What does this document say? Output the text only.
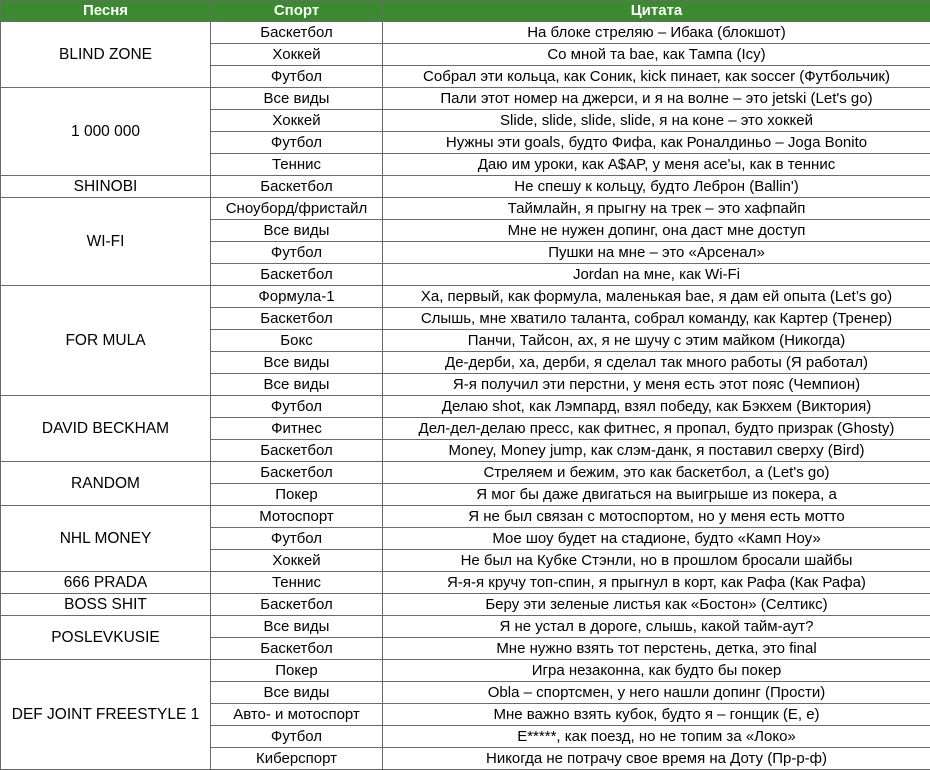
Песня	Спорт	Цитата
BLIND ZONE	Баскетбол	На блоке стреляю – Ибака (блокшот)
	Хоккей	Со мной та bae, как Тампа (Icy)
	Футбол	Собрал эти кольца, как Соник, kick пинает, как soccer (Футбольчик)
1 000 000	Все виды	Пали этот номер на джерси, и я на волне – это jetski (Let's go)
	Хоккей	Slide, slide, slide, slide, я на коне – это хоккей
	Футбол	Нужны эти goals, будто Фифа, как Роналдиньо – Joga Bonito
	Теннис	Даю им уроки, как A$AP, у меня ace'ы, как в теннис
SHINOBI	Баскетбол	Не спешу к кольцу, будто Леброн (Ballin')
WI-FI	Сноуборд/фристайл	Таймлайн, я прыгну на трек – это хафпайп
	Все виды	Мне не нужен допинг, она даст мне доступ
	Футбол	Пушки на мне – это «Арсенал»
	Баскетбол	Jordan на мне, как Wi-Fi
FOR MULA	Формула-1	Ха, первый, как формула, маленькая bae, я дам ей опыта (Let’s go)
	Баскетбол	Слышь, мне хватило таланта, собрал команду, как Картер (Тренер)
	Бокс	Панчи, Тайсон, ах, я не шучу с этим майком (Никогда)
	Все виды	Де-дерби, ха, дерби, я сделал так много работы (Я работал)
	Все виды	Я-я получил эти перстни, у меня есть этот пояс (Чемпион)
DAVID BECKHAM	Футбол	Делаю shot, как Лэмпард, взял победу, как Бэкхем (Виктория)
	Фитнес	Дел-дел-делаю пресс, как фитнес, я пропал, будто призрак (Ghosty)
	Баскетбол	Money, Money jump, как слэм-данк, я поставил сверху (Bird)
RANDOM	Баскетбол	Стреляем и бежим, это как баскетбол, а (Let's go)
	Покер	Я мог бы даже двигаться на выигрыше из покера, а
NHL MONEY	Мотоспорт	Я не был связан с мотоспортом, но у меня есть мотто
	Футбол	Мое шоу будет на стадионе, будто «Камп Ноу»
	Хоккей	Не был на Кубке Стэнли, но в прошлом бросали шайбы
666 PRADA	Теннис	Я-я-я кручу топ-спин, я прыгнул в корт, как Рафа (Как Рафа)
BOSS SHIT	Баскетбол	Беру эти зеленые листья как «Бостон» (Селтикс)
POSLEVKUSIE	Все виды	Я не устал в дороге, слышь, какой тайм-аут?
	Баскетбол	Мне нужно взять тот перстень, детка, это final
DEF JOINT FREESTYLE 1	Покер	Игра незаконна, как будто бы покер
	Все виды	Obla – спортсмен, у него нашли допинг (Прости)
	Авто- и мотоспорт	Мне важно взять кубок, будто я – гонщик (Е, е)
	Футбол	Е*****, как поезд, но не топим за «Локо»
	Киберспорт	Никогда не потрачу свое время на Доту (Пр-р-ф)
